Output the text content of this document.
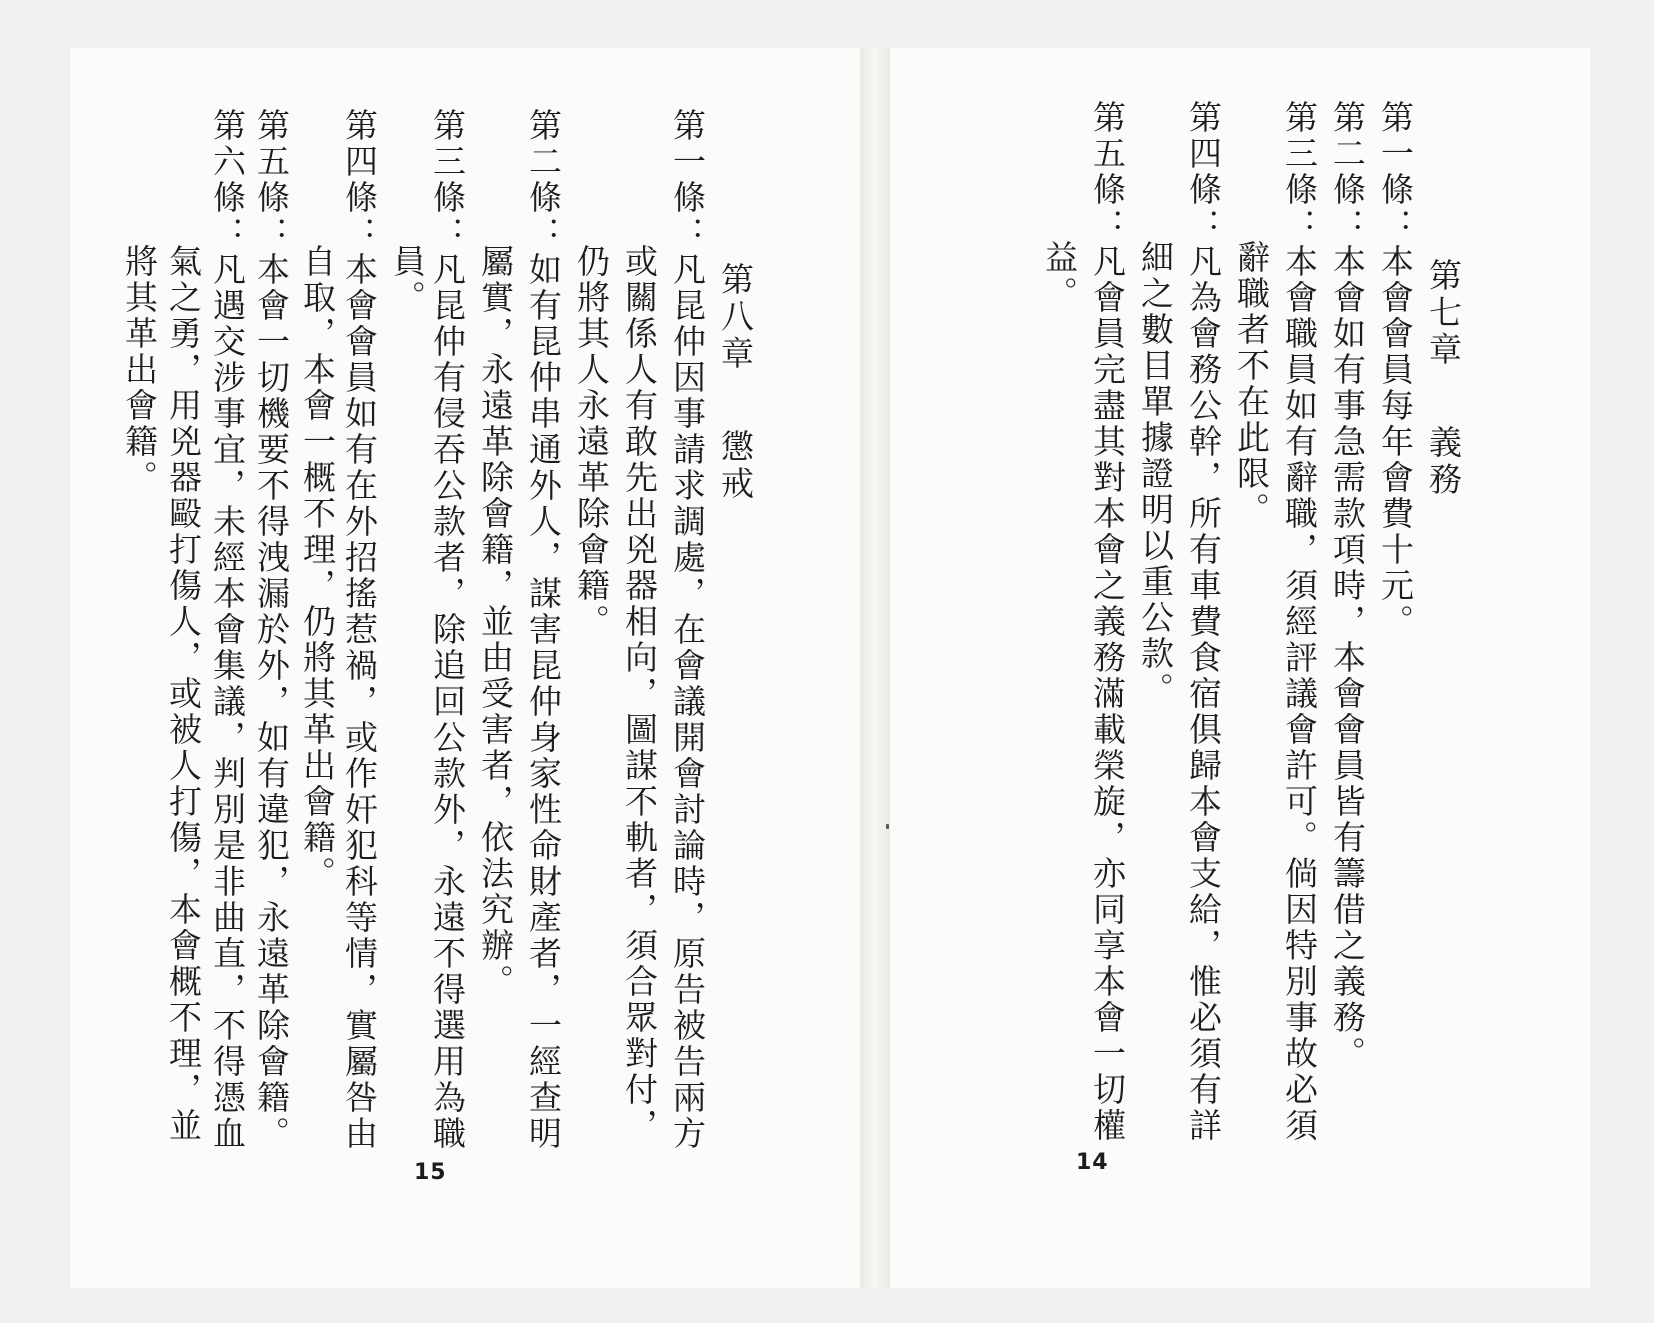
第七章義務
第一條：本會會員每年會費十元。
第二條：本會如有事急需款項時，本會會員皆有籌借之義務。
第三條：本會職員如有辭職，須經評議會許可。倘因特別事故必須
辭職者不在此限。
第四條：凡為會務公幹，所有車費食宿俱歸本會支給，惟必須有詳
細之數目單據證明以重公款。
第五條：凡會員完盡其對本會之義務滿載榮旋，亦同享本會一切權
益。
14
第八章懲戒
第一條：凡昆仲因事請求調處，在會議開會討論時，原告被告兩方
或關係人有敢先出兇器相向，圖謀不軌者，須合眾對付，
仍將其人永遠革除會籍。
第二條：如有昆仲串通外人，謀害昆仲身家性命財產者，一經查明
屬實，永遠革除會籍，並由受害者，依法究辦。
第三條：凡昆仲有侵吞公款者，除追回公款外，永遠不得選用為職
員。
第四條：本會會員如有在外招搖惹禍，或作奸犯科等情，實屬咎由
自取，本會一概不理，仍將其革出會籍。
第五條：本會一切機要不得洩漏於外，如有違犯，永遠革除會籍。
第六條：凡遇交涉事宜，未經本會集議，判別是非曲直，不得憑血
氣之勇，用兇器毆打傷人，或被人打傷，本會概不理，並
將其革出會籍。
15
